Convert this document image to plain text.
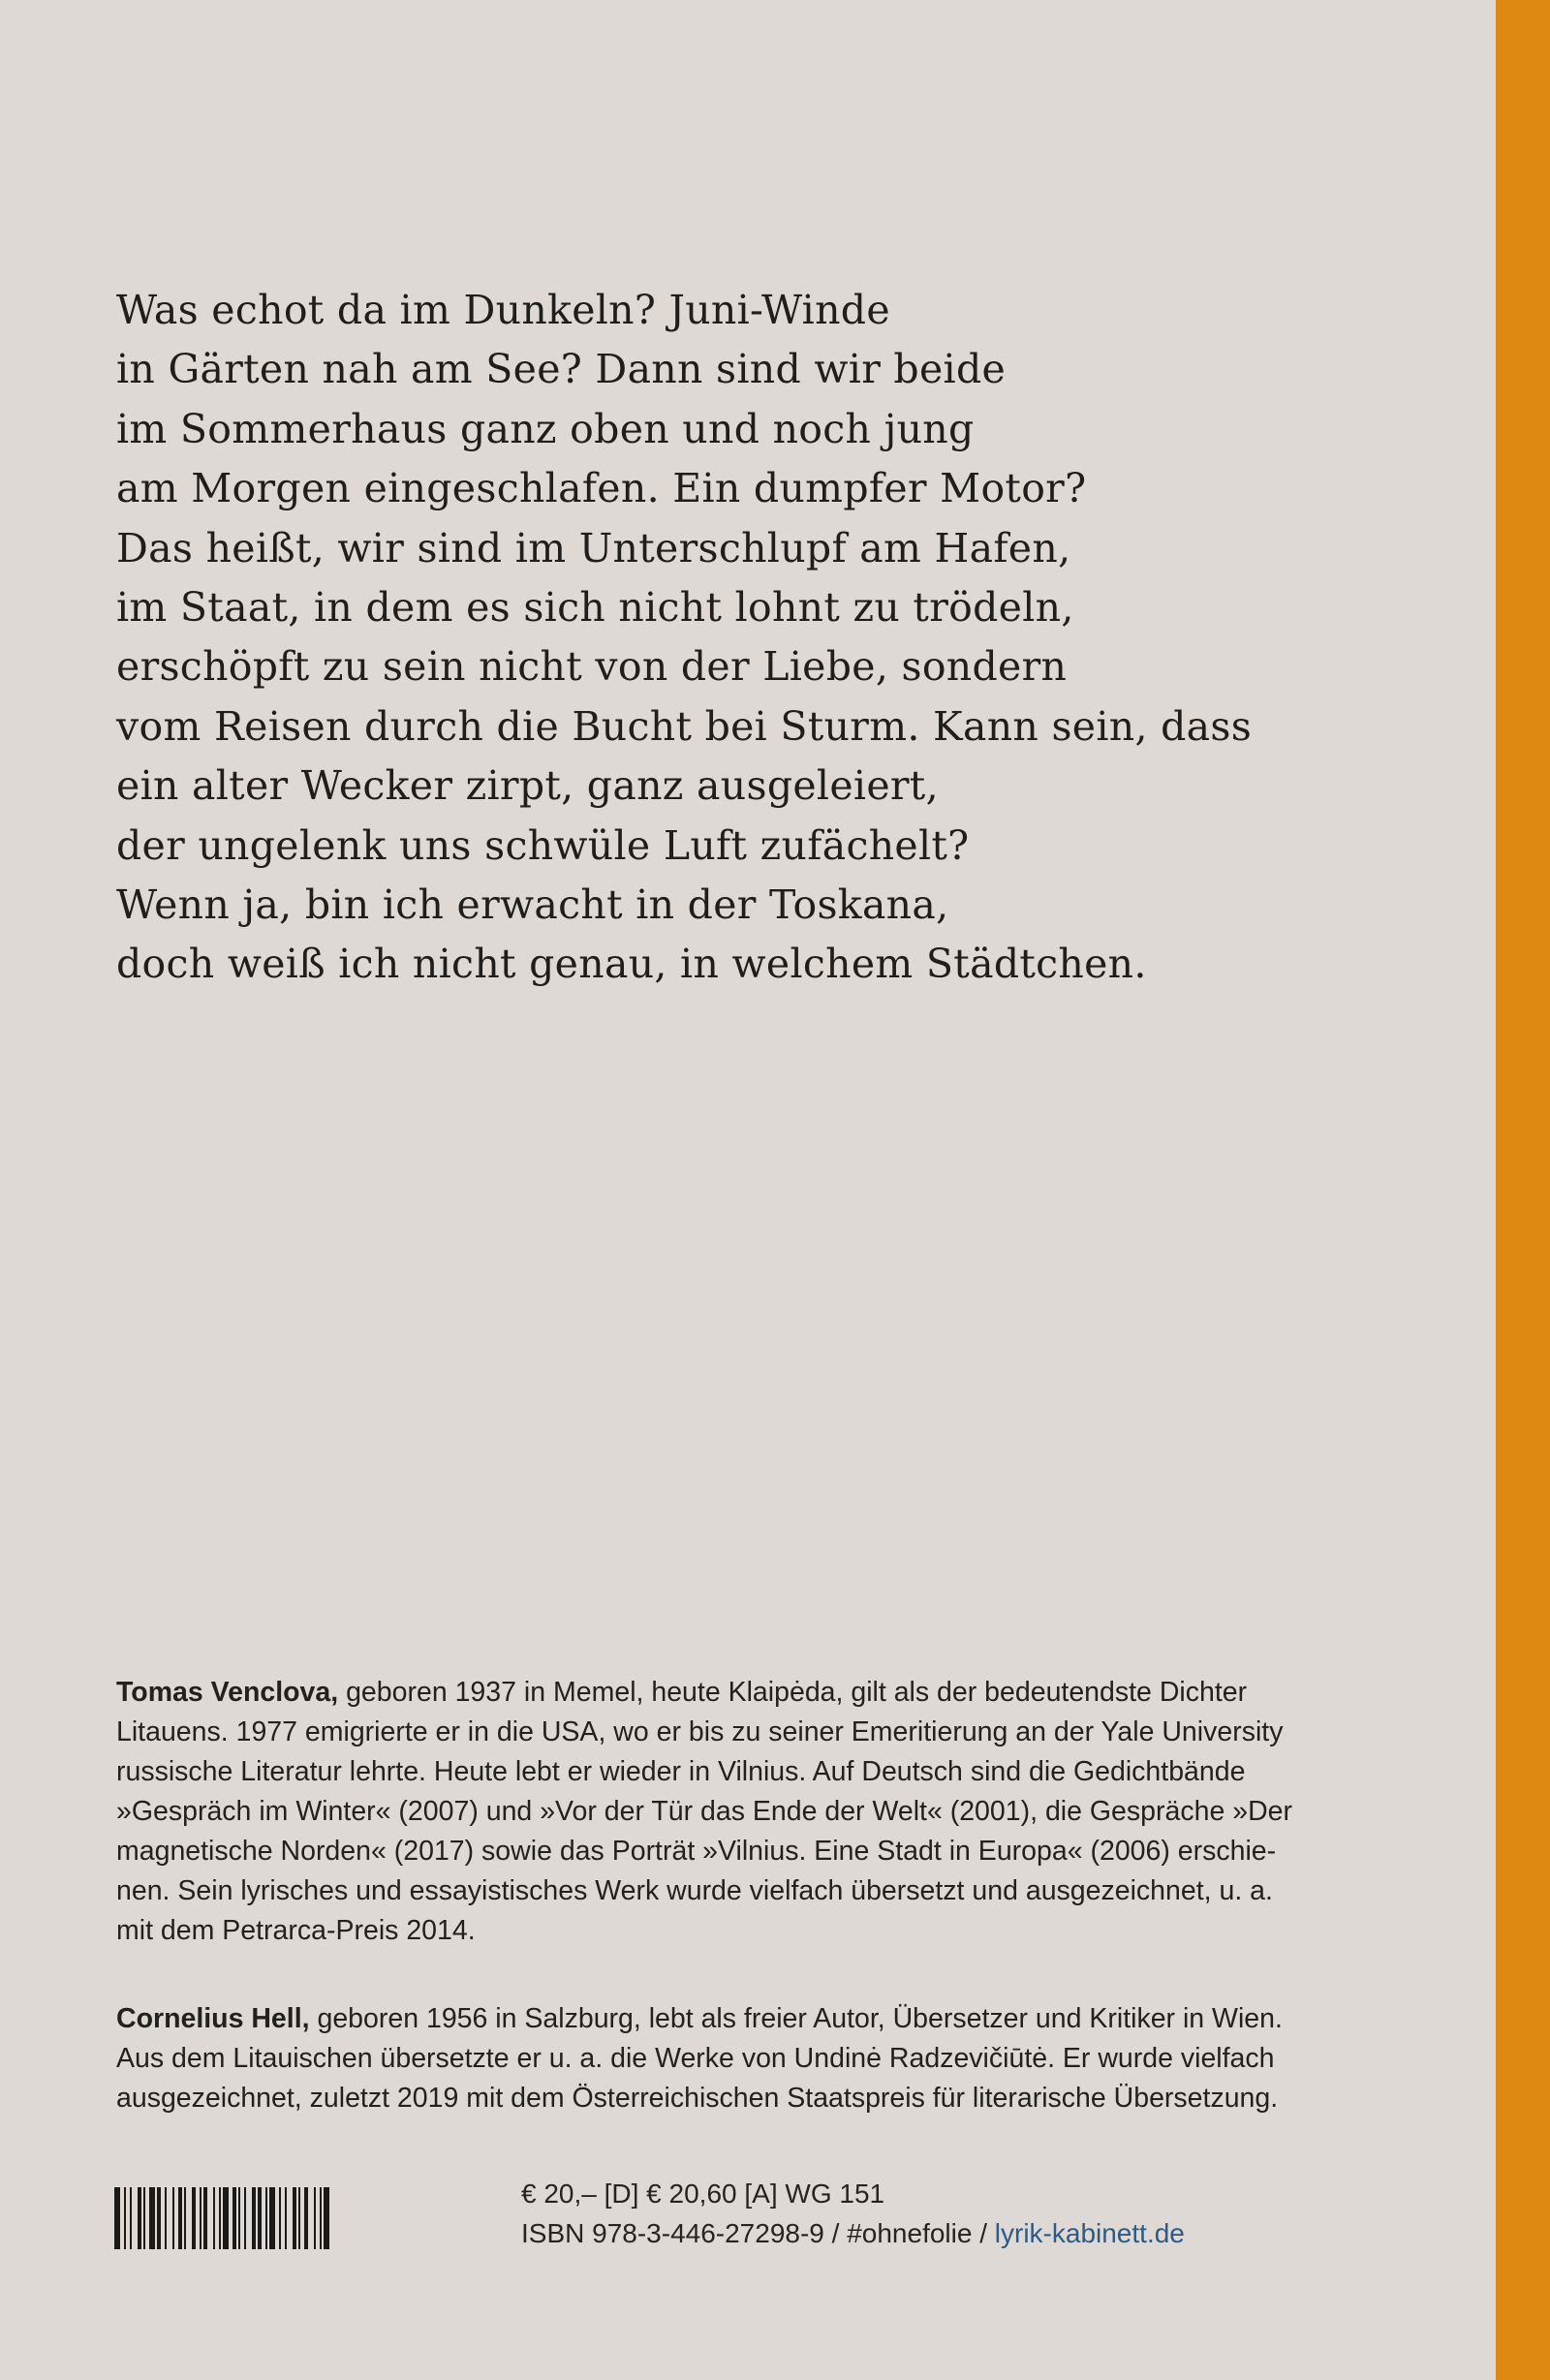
Was echot da im Dunkeln? Juni-Winde
in Gärten nah am See? Dann sind wir beide
im Sommerhaus ganz oben und noch jung
am Morgen eingeschlafen. Ein dumpfer Motor?
Das heißt, wir sind im Unterschlupf am Hafen,
im Staat, in dem es sich nicht lohnt zu trödeln,
erschöpft zu sein nicht von der Liebe, sondern
vom Reisen durch die Bucht bei Sturm. Kann sein, dass
ein alter Wecker zirpt, ganz ausgeleiert,
der ungelenk uns schwüle Luft zufächelt?
Wenn ja, bin ich erwacht in der Toskana,
doch weiß ich nicht genau, in welchem Städtchen.
Tomas Venclova, geboren 1937 in Memel, heute Klaipėda, gilt als der bedeutendste Dichter
Litauens. 1977 emigrierte er in die USA, wo er bis zu seiner Emeritierung an der Yale University
russische Literatur lehrte. Heute lebt er wieder in Vilnius. Auf Deutsch sind die Gedichtbände
»Gespräch im Winter« (2007) und »Vor der Tür das Ende der Welt« (2001), die Gespräche »Der
magnetische Norden« (2017) sowie das Porträt »Vilnius. Eine Stadt in Europa« (2006) erschie-
nen. Sein lyrisches und essayistisches Werk wurde vielfach übersetzt und ausgezeichnet, u. a.
mit dem Petrarca-Preis 2014.
Cornelius Hell, geboren 1956 in Salzburg, lebt als freier Autor, Übersetzer und Kritiker in Wien.
Aus dem Litauischen übersetzte er u. a. die Werke von Undinė Radzevičiūtė. Er wurde vielfach
ausgezeichnet, zuletzt 2019 mit dem Österreichischen Staatspreis für literarische Übersetzung.
€ 20,– [D] € 20,60 [A] WG 151
ISBN 978-3-446-27298-9 / #ohnefolie / lyrik-kabinett.de
